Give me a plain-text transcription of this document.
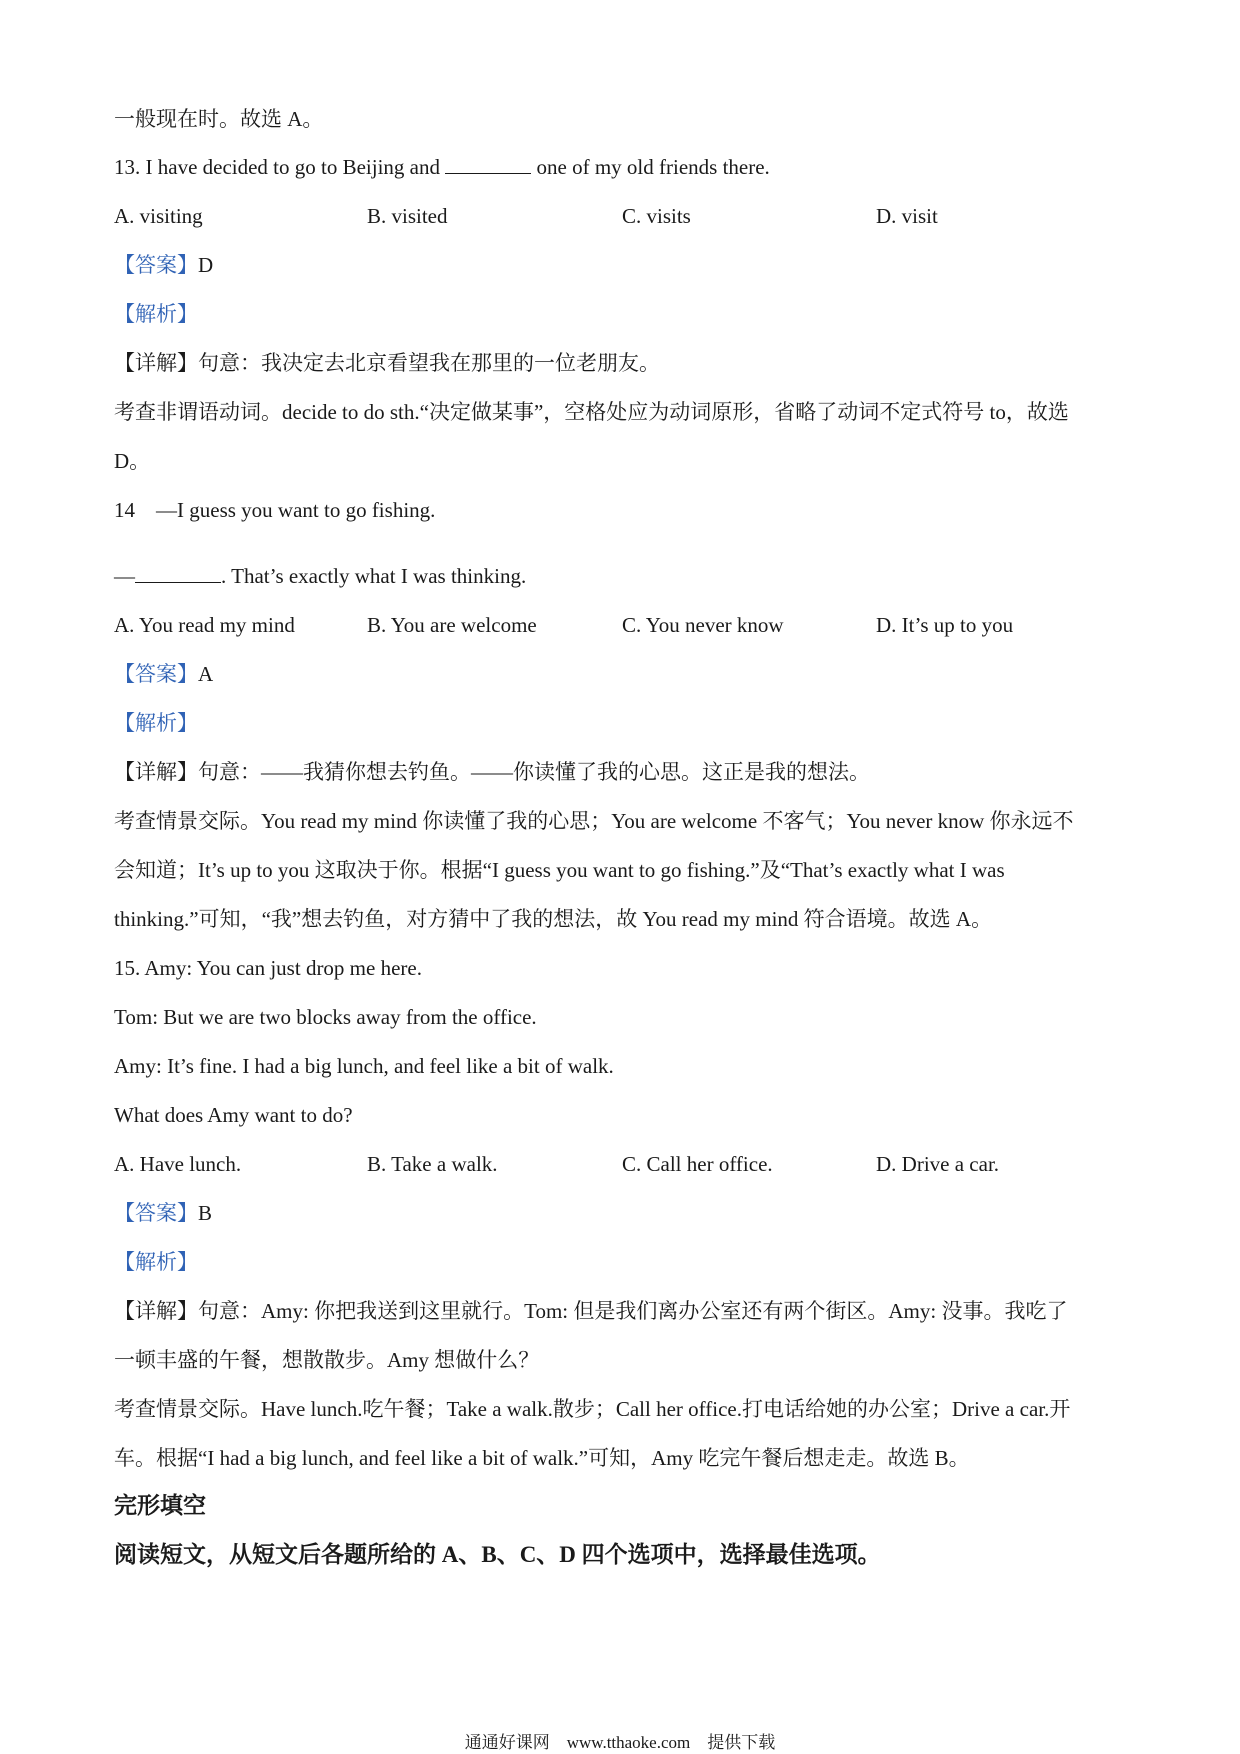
一般现在时。故选 A。
13. I have decided to go to Beijing and	one of my old friends there.
A. visiting	B. visited	C. visits	D. visit
【答案】D
【解析】
【详解】句意：我决定去北京看望我在那里的一位老朋友。
考查非谓语动词。decide to do sth.“决定做某事”，空格处应为动词原形，省略了动词不定式符号 to，故选
D。
14　—I guess you want to go fishing.
—	. That’s exactly what I was thinking.
A. You read my mind	B. You are welcome	C. You never know	D. It’s up to you
【答案】A
【解析】
【详解】句意：——我猜你想去钓鱼。——你读懂了我的心思。这正是我的想法。
考查情景交际。You read my mind 你读懂了我的心思；You are welcome 不客气；You never know 你永远不
会知道；It’s up to you 这取决于你。根据“I guess you want to go fishing.”及“That’s exactly what I was
thinking.”可知，“我”想去钓鱼，对方猜中了我的想法，故 You read my mind 符合语境。故选 A。
15. Amy: You can just drop me here.
Tom: But we are two blocks away from the office.
Amy: It’s fine. I had a big lunch, and feel like a bit of walk.
What does Amy want to do?
A. Have lunch.	B. Take a walk.	C. Call her office.	D. Drive a car.
【答案】B
【解析】
【详解】句意：Amy: 你把我送到这里就行。Tom: 但是我们离办公室还有两个街区。Amy: 没事。我吃了
一顿丰盛的午餐，想散散步。Amy 想做什么？
考查情景交际。Have lunch.吃午餐；Take a walk.散步；Call her office.打电话给她的办公室；Drive a car.开
车。根据“I had a big lunch, and feel like a bit of walk.”可知，Amy 吃完午餐后想走走。故选 B。
完形填空
阅读短文，从短文后各题所给的 A、B、C、D 四个选项中，选择最佳选项。
通通好课网　www.tthaoke.com　提供下载
